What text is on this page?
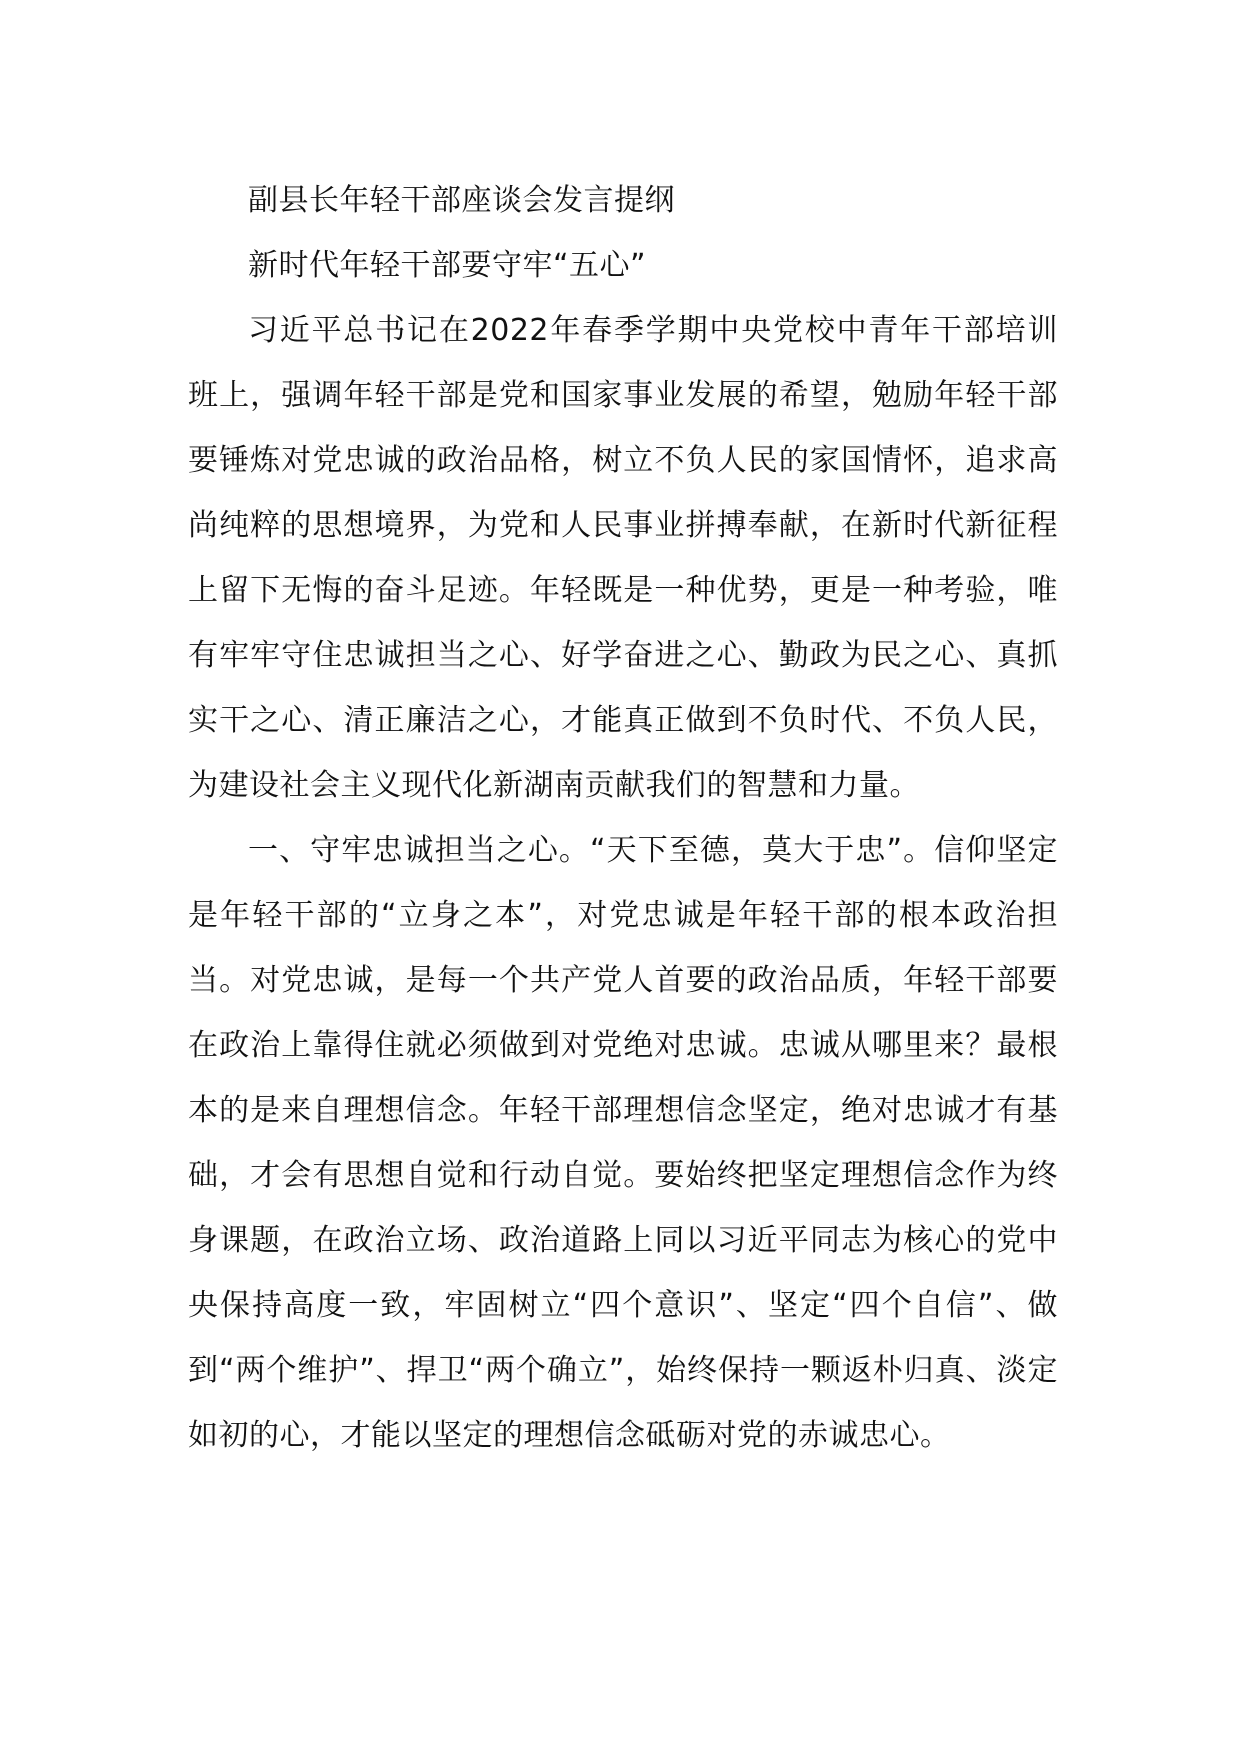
副县长年轻干部座谈会发言提纲

新时代年轻干部要守牢“五心”

习近平总书记在2022年春季学期中央党校中青年干部培训班上，强调年轻干部是党和国家事业发展的希望，勉励年轻干部要锤炼对党忠诚的政治品格，树立不负人民的家国情怀，追求高尚纯粹的思想境界，为党和人民事业拼搏奉献，在新时代新征程上留下无悔的奋斗足迹。年轻既是一种优势，更是一种考验，唯有牢牢守住忠诚担当之心、好学奋进之心、勤政为民之心、真抓实干之心、清正廉洁之心，才能真正做到不负时代、不负人民，为建设社会主义现代化新湖南贡献我们的智慧和力量。

一、守牢忠诚担当之心。“天下至德，莫大于忠”。信仰坚定是年轻干部的“立身之本”，对党忠诚是年轻干部的根本政治担当。对党忠诚，是每一个共产党人首要的政治品质，年轻干部要在政治上靠得住就必须做到对党绝对忠诚。忠诚从哪里来？最根本的是来自理想信念。年轻干部理想信念坚定，绝对忠诚才有基础，才会有思想自觉和行动自觉。要始终把坚定理想信念作为终身课题，在政治立场、政治道路上同以习近平同志为核心的党中央保持高度一致，牢固树立“四个意识”、坚定“四个自信”、做到“两个维护”、捍卫“两个确立”，始终保持一颗返朴归真、淡定如初的心，才能以坚定的理想信念砥砺对党的赤诚忠心。
